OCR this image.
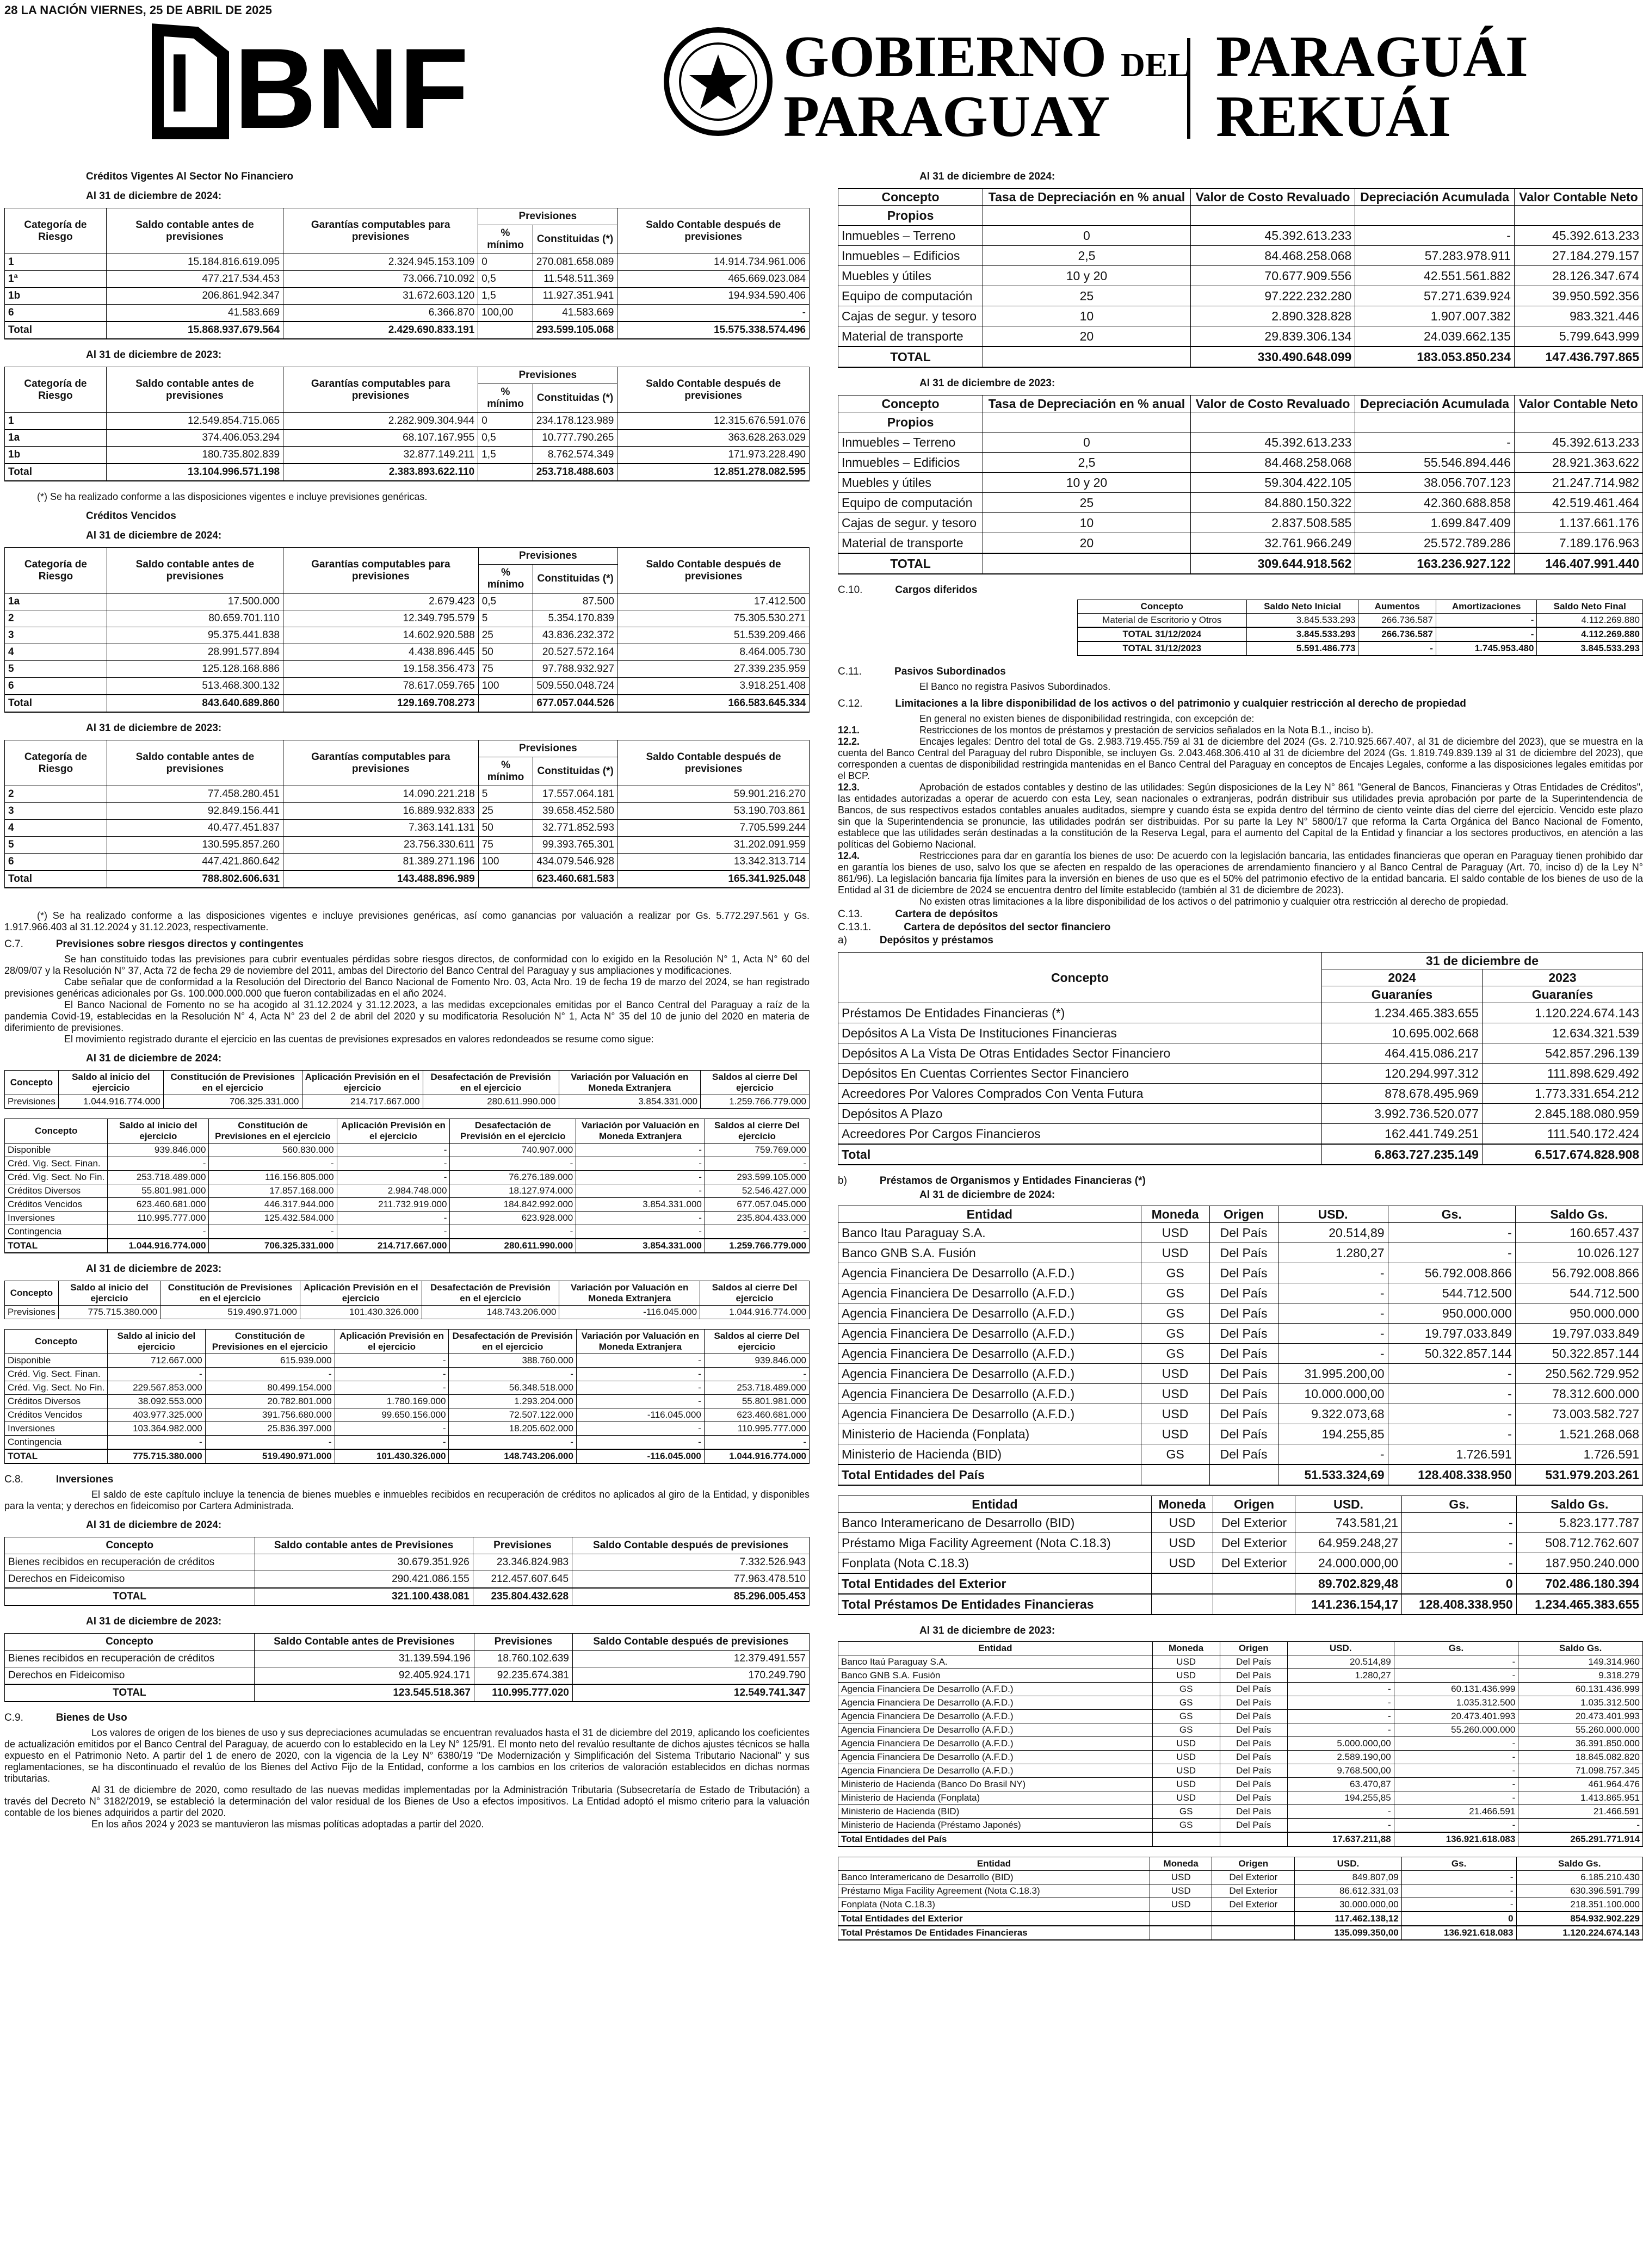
28 LA NACIÓN VIERNES, 25 DE ABRIL DE 2025
BNF	GOBIERNO DEL
PARAGUAY
PARAGUÁI
REKUÁI
Créditos Vigentes Al Sector No Financiero
Al 31 de diciembre de 2024:
Categoría de Riesgo	Saldo contable antes de previsiones	Garantías computables para previsiones	Previsiones		Saldo Contable después de previsiones
			% mínimo	Constituidas (*)	
1	15.184.816.619.095	2.324.945.153.109	0	270.081.658.089	14.914.734.961.006
1ª	477.217.534.453	73.066.710.092	0,5	11.548.511.369	465.669.023.084
1b	206.861.942.347	31.672.603.120	1,5	11.927.351.941	194.934.590.406
6	41.583.669	6.366.870	100,00	41.583.669	-
Total	15.868.937.679.564	2.429.690.833.191		293.599.105.068	15.575.338.574.496
Al 31 de diciembre de 2023:
Categoría de Riesgo	Saldo contable antes de previsiones	Garantías computables para previsiones	Previsiones		Saldo Contable después de previsiones
			% mínimo	Constituidas (*)	
1	12.549.854.715.065	2.282.909.304.944	0	234.178.123.989	12.315.676.591.076
1a	374.406.053.294	68.107.167.955	0,5	10.777.790.265	363.628.263.029
1b	180.735.802.839	32.877.149.211	1,5	8.762.574.349	171.973.228.490
Total	13.104.996.571.198	2.383.893.622.110		253.718.488.603	12.851.278.082.595
(*) Se ha realizado conforme a las disposiciones vigentes e incluye previsiones genéricas.
Créditos Vencidos
Al 31 de diciembre de 2024:
Categoría de Riesgo	Saldo contable antes de previsiones	Garantías computables para previsiones	Previsiones		Saldo Contable después de previsiones
			% mínimo	Constituidas (*)	
1a	17.500.000	2.679.423	0,5	87.500	17.412.500
2	80.659.701.110	12.349.795.579	5	5.354.170.839	75.305.530.271
3	95.375.441.838	14.602.920.588	25	43.836.232.372	51.539.209.466
4	28.991.577.894	4.438.896.445	50	20.527.572.164	8.464.005.730
5	125.128.168.886	19.158.356.473	75	97.788.932.927	27.339.235.959
6	513.468.300.132	78.617.059.765	100	509.550.048.724	3.918.251.408
Total	843.640.689.860	129.169.708.273		677.057.044.526	166.583.645.334
Al 31 de diciembre de 2023:
Categoría de Riesgo	Saldo contable antes de previsiones	Garantías computables para previsiones	Previsiones		Saldo Contable después de previsiones
			% mínimo	Constituidas (*)	
2	77.458.280.451	14.090.221.218	5	17.557.064.181	59.901.216.270
3	92.849.156.441	16.889.932.833	25	39.658.452.580	53.190.703.861
4	40.477.451.837	7.363.141.131	50	32.771.852.593	7.705.599.244
5	130.595.857.260	23.756.330.611	75	99.393.765.301	31.202.091.959
6	447.421.860.642	81.389.271.196	100	434.079.546.928	13.342.313.714
Total	788.802.606.631	143.488.896.989		623.460.681.583	165.341.925.048
(*) Se ha realizado conforme a las disposiciones vigentes e incluye previsiones genéricas, así como ganancias por valuación a realizar por Gs. 5.772.297.561 y Gs. 1.917.966.403 al 31.12.2024 y 31.12.2023, respectivamente.
C.7.	Previsiones sobre riesgos directos y contingentes
Se han constituido todas las previsiones para cubrir eventuales pérdidas sobre riesgos directos, de conformidad con lo exigido en la Resolución N° 1, Acta N° 60 del 28/09/07 y la Resolución N° 37, Acta 72 de fecha 29 de noviembre del 2011, ambas del Directorio del Banco Central del Paraguay y sus ampliaciones y modificaciones.
Cabe señalar que de conformidad a la Resolución del Directorio del Banco Nacional de Fomento Nro. 03, Acta Nro. 19 de fecha 19 de marzo del 2024, se han registrado previsiones genéricas adicionales por Gs. 100.000.000.000 que fueron contabilizadas en el año 2024.
El Banco Nacional de Fomento no se ha acogido al 31.12.2024 y 31.12.2023, a las medidas excepcionales emitidas por el Banco Central del Paraguay a raíz de la pandemia Covid-19, establecidas en la Resolución N° 4, Acta N° 23 del 2 de abril del 2020 y su modificatoria Resolución N° 1, Acta N° 35 del 10 de junio del 2020 en materia de diferimiento de previsiones.
El movimiento registrado durante el ejercicio en las cuentas de previsiones expresados en valores redondeados se resume como sigue:
Al 31 de diciembre de 2024:
Concepto	Saldo al inicio del ejercicio	Constitución de Previsiones en el ejercicio	Aplicación Previsión en el ejercicio	Desafectación de Previsión en el ejercicio	Variación por Valuación en Moneda Extranjera	Saldos al cierre Del ejercicio
Previsiones	1.044.916.774.000	706.325.331.000	214.717.667.000	280.611.990.000	3.854.331.000	1.259.766.779.000
Concepto	Saldo al inicio del ejercicio	Constitución de Previsiones en el ejercicio	Aplicación Previsión en el ejercicio	Desafectación de Previsión en el ejercicio	Variación por Valuación en Moneda Extranjera	Saldos al cierre Del ejercicio
Disponible	939.846.000	560.830.000	-	740.907.000	-	759.769.000
Créd. Vig. Sect. Finan.	-	-	-	-	-	-
Créd. Vig. Sect. No Fin.	253.718.489.000	116.156.805.000	-	76.276.189.000	-	293.599.105.000
Créditos Diversos	55.801.981.000	17.857.168.000	2.984.748.000	18.127.974.000	-	52.546.427.000
Créditos Vencidos	623.460.681.000	446.317.944.000	211.732.919.000	184.842.992.000	3.854.331.000	677.057.045.000
Inversiones	110.995.777.000	125.432.584.000	-	623.928.000	-	235.804.433.000
Contingencia	-	-	-	-	-	-
TOTAL	1.044.916.774.000	706.325.331.000	214.717.667.000	280.611.990.000	3.854.331.000	1.259.766.779.000
Al 31 de diciembre de 2023:
Concepto	Saldo al inicio del ejercicio	Constitución de Previsiones en el ejercicio	Aplicación Previsión en el ejercicio	Desafectación de Previsión en el ejercicio	Variación por Valuación en Moneda Extranjera	Saldos al cierre Del ejercicio
Previsiones	775.715.380.000	519.490.971.000	101.430.326.000	148.743.206.000	-116.045.000	1.044.916.774.000
Concepto	Saldo al inicio del ejercicio	Constitución de Previsiones en el ejercicio	Aplicación Previsión en el ejercicio	Desafectación de Previsión en el ejercicio	Variación por Valuación en Moneda Extranjera	Saldos al cierre Del ejercicio
Disponible	712.667.000	615.939.000	-	388.760.000	-	939.846.000
Créd. Vig. Sect. Finan.	-	-	-	-	-	-
Créd. Vig. Sect. No Fin.	229.567.853.000	80.499.154.000	-	56.348.518.000	-	253.718.489.000
Créditos Diversos	38.092.553.000	20.782.801.000	1.780.169.000	1.293.204.000	-	55.801.981.000
Créditos Vencidos	403.977.325.000	391.756.680.000	99.650.156.000	72.507.122.000	-116.045.000	623.460.681.000
Inversiones	103.364.982.000	25.836.397.000	-	18.205.602.000	-	110.995.777.000
Contingencia	-	-	-	-	-	-
TOTAL	775.715.380.000	519.490.971.000	101.430.326.000	148.743.206.000	-116.045.000	1.044.916.774.000
C.8.	Inversiones
El saldo de este capítulo incluye la tenencia de bienes muebles e inmuebles recibidos en recuperación de créditos no aplicados al giro de la Entidad, y disponibles para la venta; y derechos en fideicomiso por Cartera Administrada.
Al 31 de diciembre de 2024:
Concepto	Saldo contable antes de Previsiones	Previsiones	Saldo Contable después de previsiones
Bienes recibidos en recuperación de créditos	30.679.351.926	23.346.824.983	7.332.526.943
Derechos en Fideicomiso	290.421.086.155	212.457.607.645	77.963.478.510
TOTAL	321.100.438.081	235.804.432.628	85.296.005.453
Al 31 de diciembre de 2023:
Concepto	Saldo Contable antes de Previsiones	Previsiones	Saldo Contable después de previsiones
Bienes recibidos en recuperación de créditos	31.139.594.196	18.760.102.639	12.379.491.557
Derechos en Fideicomiso	92.405.924.171	92.235.674.381	170.249.790
TOTAL	123.545.518.367	110.995.777.020	12.549.741.347
C.9.	Bienes de Uso
Los valores de origen de los bienes de uso y sus depreciaciones acumuladas se encuentran revaluados hasta el 31 de diciembre del 2019, aplicando los coeficientes de actualización emitidos por el Banco Central del Paraguay, de acuerdo con lo establecido en la Ley N° 125/91. El monto neto del revalúo resultante de dichos ajustes técnicos se halla expuesto en el Patrimonio Neto. A partir del 1 de enero de 2020, con la vigencia de la Ley N° 6380/19 "De Modernización y Simplificación del Sistema Tributario Nacional" y sus reglamentaciones, se ha discontinuado el revalúo de los Bienes del Activo Fijo de la Entidad, conforme a los cambios en los criterios de valoración establecidos en dichas normas tributarias.
Al 31 de diciembre de 2020, como resultado de las nuevas medidas implementadas por la Administración Tributaria (Subsecretaría de Estado de Tributación) a través del Decreto N° 3182/2019, se estableció la determinación del valor residual de los Bienes de Uso a efectos impositivos. La Entidad adoptó el mismo criterio para la valuación contable de los bienes adquiridos a partir del 2020.
En los años 2024 y 2023 se mantuvieron las mismas políticas adoptadas a partir del 2020.
Al 31 de diciembre de 2024:
Concepto	Tasa de Depreciación en % anual	Valor de Costo Revaluado	Depreciación Acumulada	Valor Contable Neto
Propios				
Inmuebles – Terreno	0	45.392.613.233	-	45.392.613.233
Inmuebles – Edificios	2,5	84.468.258.068	57.283.978.911	27.184.279.157
Muebles y útiles	10 y 20	70.677.909.556	42.551.561.882	28.126.347.674
Equipo de computación	25	97.222.232.280	57.271.639.924	39.950.592.356
Cajas de segur. y tesoro	10	2.890.328.828	1.907.007.382	983.321.446
Material de transporte	20	29.839.306.134	24.039.662.135	5.799.643.999
TOTAL		330.490.648.099	183.053.850.234	147.436.797.865
Al 31 de diciembre de 2023:
Concepto	Tasa de Depreciación en % anual	Valor de Costo Revaluado	Depreciación Acumulada	Valor Contable Neto
Propios				
Inmuebles – Terreno	0	45.392.613.233	-	45.392.613.233
Inmuebles – Edificios	2,5	84.468.258.068	55.546.894.446	28.921.363.622
Muebles y útiles	10 y 20	59.304.422.105	38.056.707.123	21.247.714.982
Equipo de computación	25	84.880.150.322	42.360.688.858	42.519.461.464
Cajas de segur. y tesoro	10	2.837.508.585	1.699.847.409	1.137.661.176
Material de transporte	20	32.761.966.249	25.572.789.286	7.189.176.963
TOTAL		309.644.918.562	163.236.927.122	146.407.991.440
C.10.	Cargos diferidos
Concepto	Saldo Neto Inicial	Aumentos	Amortizaciones	Saldo Neto Final
Material de Escritorio y Otros	3.845.533.293	266.736.587	-	4.112.269.880
TOTAL 31/12/2024	3.845.533.293	266.736.587	-	4.112.269.880
TOTAL 31/12/2023	5.591.486.773	-	1.745.953.480	3.845.533.293
C.11.	Pasivos Subordinados
El Banco no registra Pasivos Subordinados.
C.12.	Limitaciones a la libre disponibilidad de los activos o del patrimonio y cualquier restricción al derecho de propiedad
En general no existen bienes de disponibilidad restringida, con excepción de:
12.1.	Restricciones de los montos de préstamos y prestación de servicios señalados en la Nota B.1., inciso b).
12.2.	Encajes legales: Dentro del total de Gs. 2.983.719.455.759 al 31 de diciembre del 2024 (Gs. 2.710.925.667.407, al 31 de diciembre del 2023), que se muestra en la cuenta del Banco Central del Paraguay del rubro Disponible, se incluyen Gs. 2.043.468.306.410 al 31 de diciembre del 2024 (Gs. 1.819.749.839.139 al 31 de diciembre del 2023), que corresponden a cuentas de disponibilidad restringida mantenidas en el Banco Central del Paraguay en conceptos de Encajes Legales, conforme a las disposiciones legales emitidas por el BCP.
12.3.	Aprobación de estados contables y destino de las utilidades: Según disposiciones de la Ley N° 861 "General de Bancos, Financieras y Otras Entidades de Créditos", las entidades autorizadas a operar de acuerdo con esta Ley, sean nacionales o extranjeras, podrán distribuir sus utilidades previa aprobación por parte de la Superintendencia de Bancos, de sus respectivos estados contables anuales auditados, siempre y cuando ésta se expida dentro del término de ciento veinte días del cierre del ejercicio. Vencido este plazo sin que la Superintendencia se pronuncie, las utilidades podrán ser distribuidas. Por su parte la Ley N° 5800/17 que reforma la Carta Orgánica del Banco Nacional de Fomento, establece que las utilidades serán destinadas a la constitución de la Reserva Legal, para el aumento del Capital de la Entidad y financiar a los sectores productivos, en atención a las políticas del Gobierno Nacional.
12.4.	Restricciones para dar en garantía los bienes de uso: De acuerdo con la legislación bancaria, las entidades financieras que operan en Paraguay tienen prohibido dar en garantía los bienes de uso, salvo los que se afecten en respaldo de las operaciones de arrendamiento financiero y al Banco Central de Paraguay (Art. 70, inciso d) de la Ley N° 861/96). La legislación bancaria fija límites para la inversión en bienes de uso que es el 50% del patrimonio efectivo de la entidad bancaria. El saldo contable de los bienes de uso de la Entidad al 31 de diciembre de 2024 se encuentra dentro del límite establecido (también al 31 de diciembre de 2023).
No existen otras limitaciones a la libre disponibilidad de los activos o del patrimonio y cualquier otra restricción al derecho de propiedad.
C.13.	Cartera de depósitos
C.13.1.	Cartera de depósitos del sector financiero
a)	Depósitos y préstamos
Concepto	31 de diciembre de	
	2024	2023
	Guaraníes	Guaraníes
Préstamos De Entidades Financieras (*)	1.234.465.383.655	1.120.224.674.143
Depósitos A La Vista De Instituciones Financieras	10.695.002.668	12.634.321.539
Depósitos A La Vista De Otras Entidades Sector Financiero	464.415.086.217	542.857.296.139
Depósitos En Cuentas Corrientes Sector Financiero	120.294.997.312	111.898.629.492
Acreedores Por Valores Comprados Con Venta Futura	878.678.495.969	1.773.331.654.212
Depósitos A Plazo	3.992.736.520.077	2.845.188.080.959
Acreedores Por Cargos Financieros	162.441.749.251	111.540.172.424
Total	6.863.727.235.149	6.517.674.828.908
b)	Préstamos de Organismos y Entidades Financieras (*)
Al 31 de diciembre de 2024:
Entidad	Moneda	Origen	USD.	Gs.	Saldo Gs.
Banco Itau Paraguay S.A.	USD	Del País	20.514,89	-	160.657.437
Banco GNB S.A. Fusión	USD	Del País	1.280,27	-	10.026.127
Agencia Financiera De Desarrollo (A.F.D.)	GS	Del País	-	56.792.008.866	56.792.008.866
Agencia Financiera De Desarrollo (A.F.D.)	GS	Del País	-	544.712.500	544.712.500
Agencia Financiera De Desarrollo (A.F.D.)	GS	Del País	-	950.000.000	950.000.000
Agencia Financiera De Desarrollo (A.F.D.)	GS	Del País	-	19.797.033.849	19.797.033.849
Agencia Financiera De Desarrollo (A.F.D.)	GS	Del País	-	50.322.857.144	50.322.857.144
Agencia Financiera De Desarrollo (A.F.D.)	USD	Del País	31.995.200,00	-	250.562.729.952
Agencia Financiera De Desarrollo (A.F.D.)	USD	Del País	10.000.000,00	-	78.312.600.000
Agencia Financiera De Desarrollo (A.F.D.)	USD	Del País	9.322.073,68	-	73.003.582.727
Ministerio de Hacienda (Fonplata)	USD	Del País	194.255,85	-	1.521.268.068
Ministerio de Hacienda (BID)	GS	Del País	-	1.726.591	1.726.591
Total Entidades del País			51.533.324,69	128.408.338.950	531.979.203.261
Entidad	Moneda	Origen	USD.	Gs.	Saldo Gs.
Banco Interamericano de Desarrollo (BID)	USD	Del Exterior	743.581,21	-	5.823.177.787
Préstamo Miga Facility Agreement (Nota C.18.3)	USD	Del Exterior	64.959.248,27	-	508.712.762.607
Fonplata (Nota C.18.3)	USD	Del Exterior	24.000.000,00	-	187.950.240.000
Total Entidades del Exterior			89.702.829,48	0	702.486.180.394
Total Préstamos De Entidades Financieras			141.236.154,17	128.408.338.950	1.234.465.383.655
Al 31 de diciembre de 2023:
Entidad	Moneda	Origen	USD.	Gs.	Saldo Gs.
Banco Itaú Paraguay S.A.	USD	Del País	20.514,89	-	149.314.960
Banco GNB S.A. Fusión	USD	Del País	1.280,27	-	9.318.279
Agencia Financiera De Desarrollo (A.F.D.)	GS	Del País	-	60.131.436.999	60.131.436.999
Agencia Financiera De Desarrollo (A.F.D.)	GS	Del País	-	1.035.312.500	1.035.312.500
Agencia Financiera De Desarrollo (A.F.D.)	GS	Del País	-	20.473.401.993	20.473.401.993
Agencia Financiera De Desarrollo (A.F.D.)	GS	Del País	-	55.260.000.000	55.260.000.000
Agencia Financiera De Desarrollo (A.F.D.)	USD	Del País	5.000.000,00	-	36.391.850.000
Agencia Financiera De Desarrollo (A.F.D.)	USD	Del País	2.589.190,00	-	18.845.082.820
Agencia Financiera De Desarrollo (A.F.D.)	USD	Del País	9.768.500,00	-	71.098.757.345
Ministerio de Hacienda (Banco Do Brasil NY)	USD	Del País	63.470,87	-	461.964.476
Ministerio de Hacienda (Fonplata)	USD	Del País	194.255,85	-	1.413.865.951
Ministerio de Hacienda (BID)	GS	Del País	-	21.466.591	21.466.591
Ministerio de Hacienda (Préstamo Japonés)	GS	Del País	-	-	-
Total Entidades del País			17.637.211,88	136.921.618.083	265.291.771.914
Entidad	Moneda	Origen	USD.	Gs.	Saldo Gs.
Banco Interamericano de Desarrollo (BID)	USD	Del Exterior	849.807,09	-	6.185.210.430
Préstamo Miga Facility Agreement (Nota C.18.3)	USD	Del Exterior	86.612.331,03	-	630.396.591.799
Fonplata (Nota C.18.3)	USD	Del Exterior	30.000.000,00	-	218.351.100.000
Total Entidades del Exterior			117.462.138,12	0	854.932.902.229
Total Préstamos De Entidades Financieras			135.099.350,00	136.921.618.083	1.120.224.674.143
